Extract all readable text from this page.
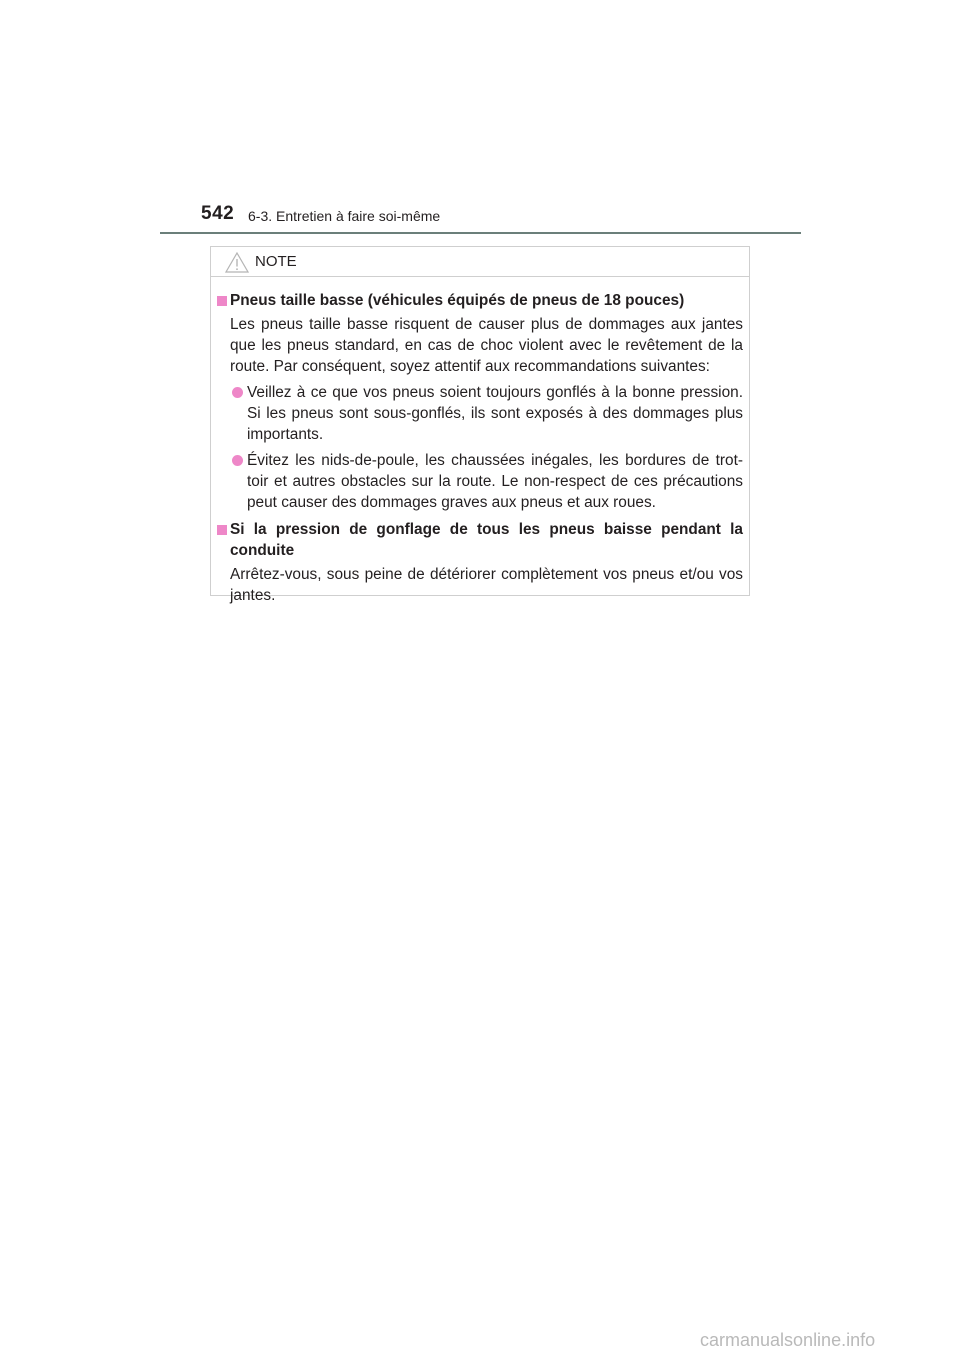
542 6-3. Entretien à faire soi-même
NOTE
Pneus taille basse (véhicules équipés de pneus de 18 pouces)
Les pneus taille basse risquent de causer plus de dommages aux jantes que les pneus standard, en cas de choc violent avec le revêtement de la route. Par conséquent, soyez attentif aux recommandations suivantes:
Veillez à ce que vos pneus soient toujours gonflés à la bonne pression. Si les pneus sont sous-gonflés, ils sont exposés à des dommages plus importants.
Évitez les nids-de-poule, les chaussées inégales, les bordures de trot-toir et autres obstacles sur la route. Le non-respect de ces précautions peut causer des dommages graves aux pneus et aux roues.
Si la pression de gonflage de tous les pneus baisse pendant la conduite
Arrêtez-vous, sous peine de détériorer complètement vos pneus et/ou vos jantes.
carmanualsonline.info
